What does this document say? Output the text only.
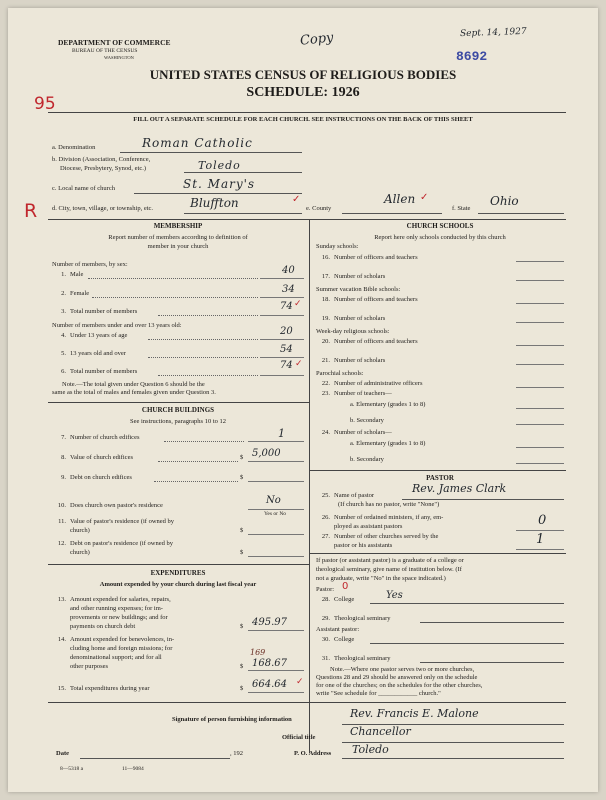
DEPARTMENT OF COMMERCE
BUREAU OF THE CENSUS
WASHINGTON
Copy	Sept. 14, 1927
8692
UNITED STATES CENSUS OF RELIGIOUS BODIES
SCHEDULE: 1926
95
FILL OUT A SEPARATE SCHEDULE FOR EACH CHURCH. SEE INSTRUCTIONS ON THE BACK OF THIS SHEET
a. Denomination	Roman Catholic
b. Division (Association, Conference,
Diocese, Presbytery, Synod, etc.)	Toledo
c. Local name of church	St. Mary's
R d. City, town, village, or township, etc.	Bluffton	✓
e. County
Allen ✓
f. State
Ohio
MEMBERSHIP
Report number of members according to definition of
member in your church
Number of members, by sex:
1. Male	40
2. Female	34
3. Total number of members	74 ✓
Number of members under and over 13 years old:
4. Under 13 years of age	20
5. 13 years old and over	54
6. Total number of members
74 ✓
Note.—The total given under Question 6 should be the
same as the total of males and females given under Question 3.
CHURCH BUILDINGS
See instructions, paragraphs 10 to 12
7. Number of church edifices	1
8. Value of church edifices	$ 5,000
9. Debt on church edifices	$
10. Does church own pastor's residence	No
Yes or No
11. Value of pastor's residence (if owned by
church)	$
12. Debt on pastor's residence (if owned by
church)	$
EXPENDITURES
Amount expended by your church during last fiscal year
13. Amount expended for salaries, repairs,
and other running expenses; for im-
provements or new buildings; and for
payments on church debt	$ 495.97
14. Amount expended for benevolences, in-
cluding home and foreign missions; for
denominational support; and for all
other purposes
169
$ 168.67
15. Total expenditures during year	$ 664.64 ✓
CHURCH SCHOOLS
Report here only schools conducted by this church
Sunday schools:
16. Number of officers and teachers
17. Number of scholars
Summer vacation Bible schools:
18. Number of officers and teachers
19. Number of scholars
Week-day religious schools:
20. Number of officers and teachers
21. Number of scholars
Parochial schools:
22. Number of administrative officers
23. Number of teachers—
a. Elementary (grades 1 to 8)
b. Secondary
24. Number of scholars—
a. Elementary (grades 1 to 8)
b. Secondary
PASTOR
25. Name of pastor
Rev. James Clark
(If church has no pastor, write "None")
26. Number of ordained ministers, if any, em-
ployed as assistant pastors	0
27. Number of other churches served by the
pastor or his assistants	1
If pastor (or assistant pastor) is a graduate of a college or
theological seminary, give name of institution below. (If
not a graduate, write "No" in the space indicated.)
Pastor: 0
28. College	Yes
29. Theological seminary
Assistant pastor:
30. College
31. Theological seminary
Note.—Where one pastor serves two or more churches,
Questions 28 and 29 should be answered only on the schedule
for one of the churches; on the schedules for the other churches,
write "See schedule for ____________ church."
Signature of person furnishing information	Rev. Francis E. Malone
Official title	Chancellor
Date	, 192	P. O. Address Toledo
8—5318 a	11—9084
